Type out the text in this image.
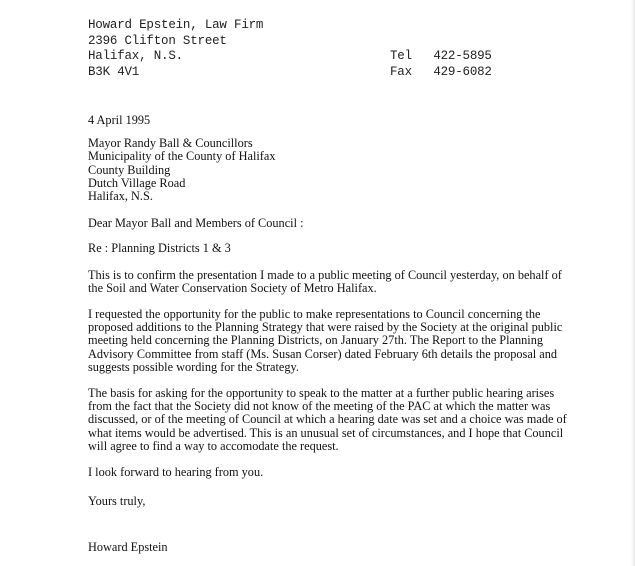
Howard Epstein, Law Firm
2396 Clifton Street
Halifax, N.S.
B3K 4V1
Tel 422-5895
Fax 429-6082

4 April 1995

Mayor Randy Ball & Councillors
Municipality of the County of Halifax
County Building
Dutch Village Road
Halifax, N.S.

Dear Mayor Ball and Members of Council :

Re : Planning Districts 1 & 3

This is to confirm the presentation I made to a public meeting of Council yesterday, on behalf of the Soil and Water Conservation Society of Metro Halifax.

I requested the opportunity for the public to make representations to Council concerning the proposed additions to the Planning Strategy that were raised by the Society at the original public meeting held concerning the Planning Districts, on January 27th. The Report to the Planning Advisory Committee from staff (Ms. Susan Corser) dated February 6th details the proposal and suggests possible wording for the Strategy.

The basis for asking for the opportunity to speak to the matter at a further public hearing arises from the fact that the Society did not know of the meeting of the PAC at which the matter was discussed, or of the meeting of Council at which a hearing date was set and a choice was made of what items would be advertised. This is an unusual set of circumstances, and I hope that Council will agree to find a way to accomodate the request.

I look forward to hearing from you.

Yours truly,

Howard Epstein
